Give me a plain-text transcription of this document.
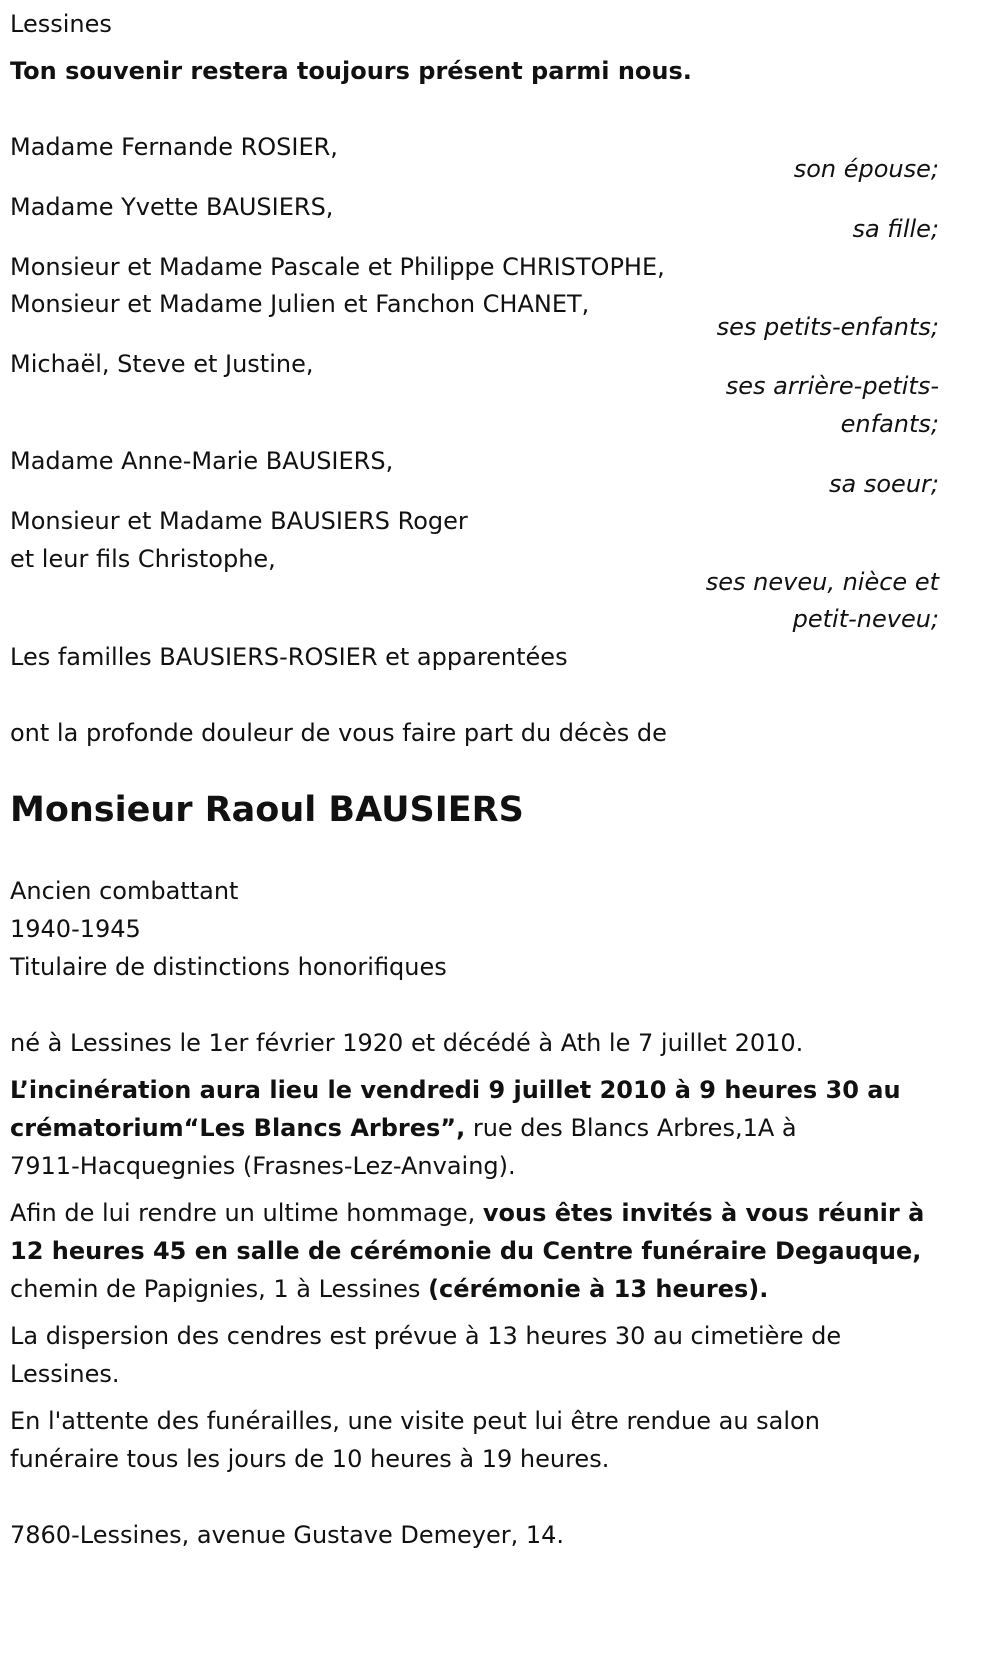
Lessines
Ton souvenir restera toujours présent parmi nous.
Madame Fernande ROSIER,
son épouse;
Madame Yvette BAUSIERS,
sa fille;
Monsieur et Madame Pascale et Philippe CHRISTOPHE,
Monsieur et Madame Julien et Fanchon CHANET,
ses petits-enfants;
Michaël, Steve et Justine,
ses arrière-petits-
enfants;
Madame Anne-Marie BAUSIERS,
sa soeur;
Monsieur et Madame BAUSIERS Roger
et leur fils Christophe,
ses neveu, nièce et
petit-neveu;
Les familles BAUSIERS-ROSIER et apparentées
ont la profonde douleur de vous faire part du décès de
Monsieur Raoul BAUSIERS
Ancien combattant
1940-1945
Titulaire de distinctions honorifiques
né à Lessines le 1er février 1920 et décédé à Ath le 7 juillet 2010.
L’incinération aura lieu le vendredi 9 juillet 2010 à 9 heures 30 au
crématorium“Les Blancs Arbres”, rue des Blancs Arbres,1A à
7911-Hacquegnies (Frasnes-Lez-Anvaing).
Afin de lui rendre un ultime hommage, vous êtes invités à vous réunir à
12 heures 45 en salle de cérémonie du Centre funéraire Degauque,
chemin de Papignies, 1 à Lessines (cérémonie à 13 heures).
La dispersion des cendres est prévue à 13 heures 30 au cimetière de
Lessines.
En l'attente des funérailles, une visite peut lui être rendue au salon
funéraire tous les jours de 10 heures à 19 heures.
7860-Lessines, avenue Gustave Demeyer, 14.
